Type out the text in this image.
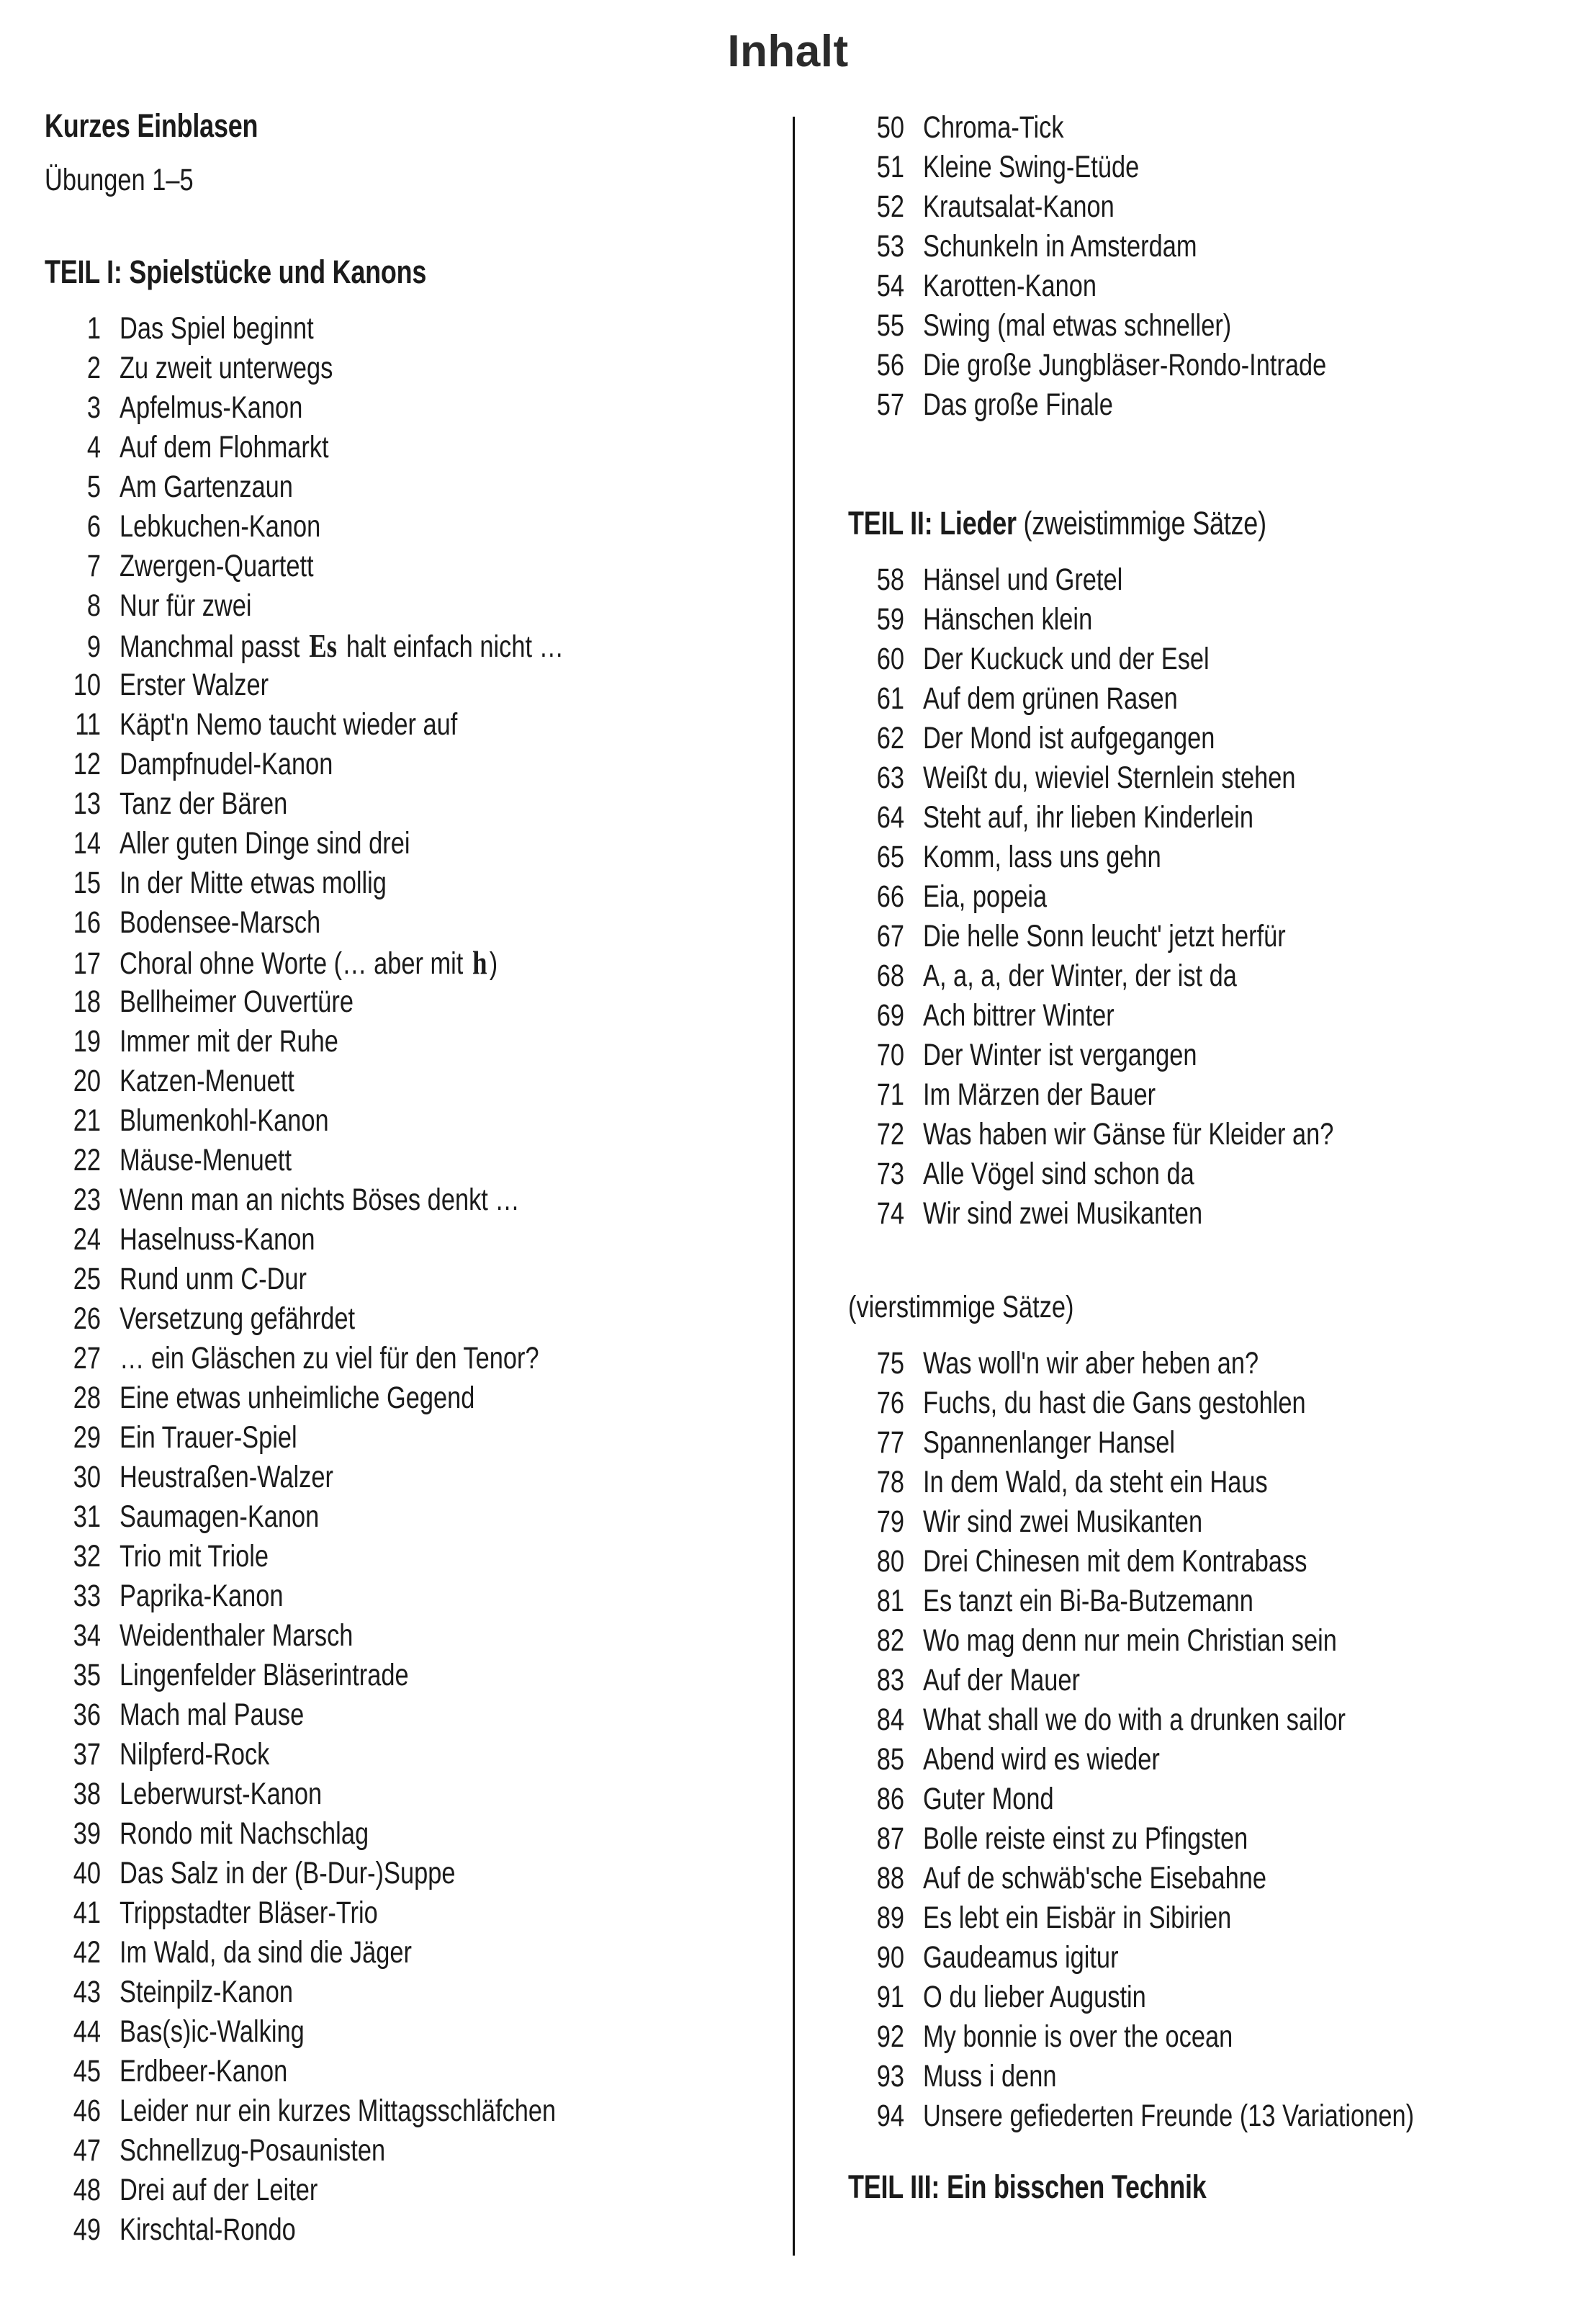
Inhalt
Kurzes Einblasen
Übungen 1–5
TEIL I: Spielstücke und Kanons
1 Das Spiel beginnt
2 Zu zweit unterwegs
3 Apfelmus-Kanon
4 Auf dem Flohmarkt
5 Am Gartenzaun
6 Lebkuchen-Kanon
7 Zwergen-Quartett
8 Nur für zwei
9 Manchmal passt Es halt einfach nicht …
10 Erster Walzer
11 Käpt'n Nemo taucht wieder auf
12 Dampfnudel-Kanon
13 Tanz der Bären
14 Aller guten Dinge sind drei
15 In der Mitte etwas mollig
16 Bodensee-Marsch
17 Choral ohne Worte (… aber mit h)
18 Bellheimer Ouvertüre
19 Immer mit der Ruhe
20 Katzen-Menuett
21 Blumenkohl-Kanon
22 Mäuse-Menuett
23 Wenn man an nichts Böses denkt …
24 Haselnuss-Kanon
25 Rund unm C-Dur
26 Versetzung gefährdet
27 … ein Gläschen zu viel für den Tenor?
28 Eine etwas unheimliche Gegend
29 Ein Trauer-Spiel
30 Heustraßen-Walzer
31 Saumagen-Kanon
32 Trio mit Triole
33 Paprika-Kanon
34 Weidenthaler Marsch
35 Lingenfelder Bläserintrade
36 Mach mal Pause
37 Nilpferd-Rock
38 Leberwurst-Kanon
39 Rondo mit Nachschlag
40 Das Salz in der (B-Dur-)Suppe
41 Trippstadter Bläser-Trio
42 Im Wald, da sind die Jäger
43 Steinpilz-Kanon
44 Bas(s)ic-Walking
45 Erdbeer-Kanon
46 Leider nur ein kurzes Mittagsschläfchen
47 Schnellzug-Posaunisten
48 Drei auf der Leiter
49 Kirschtal-Rondo
50 Chroma-Tick
51 Kleine Swing-Etüde
52 Krautsalat-Kanon
53 Schunkeln in Amsterdam
54 Karotten-Kanon
55 Swing (mal etwas schneller)
56 Die große Jungbläser-Rondo-Intrade
57 Das große Finale
TEIL II: Lieder (zweistimmige Sätze)
58 Hänsel und Gretel
59 Hänschen klein
60 Der Kuckuck und der Esel
61 Auf dem grünen Rasen
62 Der Mond ist aufgegangen
63 Weißt du, wieviel Sternlein stehen
64 Steht auf, ihr lieben Kinderlein
65 Komm, lass uns gehn
66 Eia, popeia
67 Die helle Sonn leucht' jetzt herfür
68 A, a, a, der Winter, der ist da
69 Ach bittrer Winter
70 Der Winter ist vergangen
71 Im Märzen der Bauer
72 Was haben wir Gänse für Kleider an?
73 Alle Vögel sind schon da
74 Wir sind zwei Musikanten
(vierstimmige Sätze)
75 Was woll'n wir aber heben an?
76 Fuchs, du hast die Gans gestohlen
77 Spannenlanger Hansel
78 In dem Wald, da steht ein Haus
79 Wir sind zwei Musikanten
80 Drei Chinesen mit dem Kontrabass
81 Es tanzt ein Bi-Ba-Butzemann
82 Wo mag denn nur mein Christian sein
83 Auf der Mauer
84 What shall we do with a drunken sailor
85 Abend wird es wieder
86 Guter Mond
87 Bolle reiste einst zu Pfingsten
88 Auf de schwäb'sche Eisebahne
89 Es lebt ein Eisbär in Sibirien
90 Gaudeamus igitur
91 O du lieber Augustin
92 My bonnie is over the ocean
93 Muss i denn
94 Unsere gefiederten Freunde (13 Variationen)
TEIL III: Ein bisschen Technik
